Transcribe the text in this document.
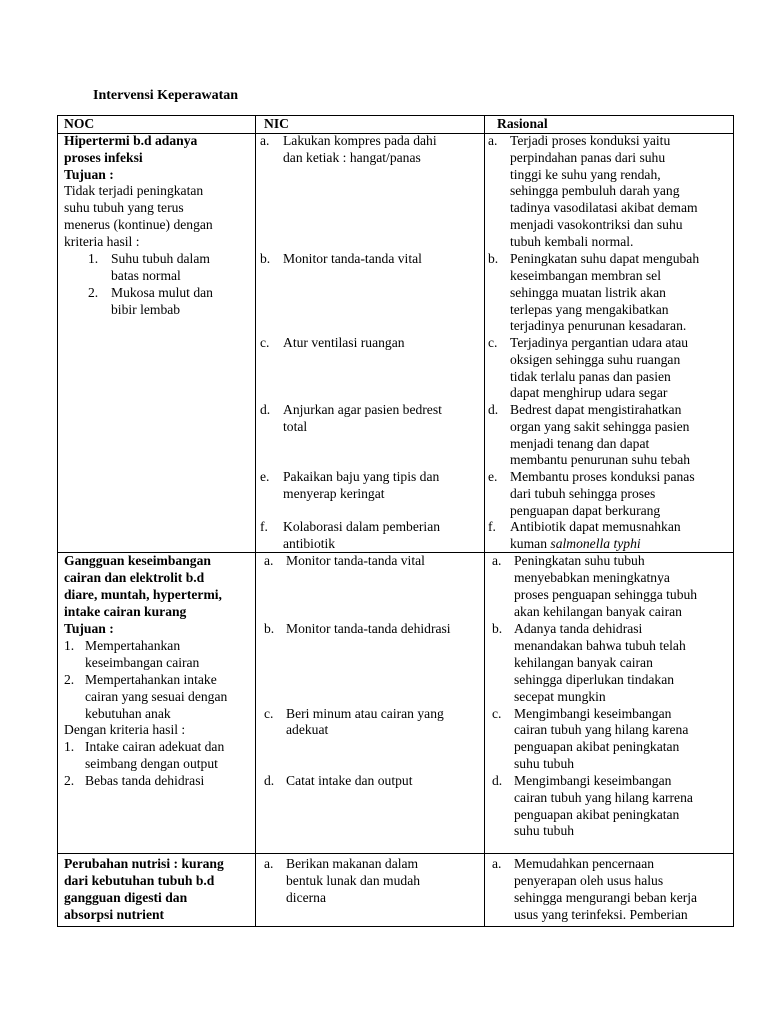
Intervensi Keperawatan
NOC	NIC	Rasional
Hipertermi b.d adanya
proses infeksi
Tujuan :
Tidak terjadi peningkatan
suhu tubuh yang terus
menerus (kontinue) dengan
kriteria hasil :
1. Suhu tubuh dalam
batas normal
2. Mukosa mulut dan
bibir lembab
a. Lakukan kompres pada dahi
dan ketiak : hangat/panas
b. Monitor tanda-tanda vital
c. Atur ventilasi ruangan
d. Anjurkan agar pasien bedrest
total
e. Pakaikan baju yang tipis dan
menyerap keringat
f. Kolaborasi dalam pemberian
antibiotik
a. Terjadi proses konduksi yaitu
perpindahan panas dari suhu
tinggi ke suhu yang rendah,
sehingga pembuluh darah yang
tadinya vasodilatasi akibat demam
menjadi vasokontriksi dan suhu
tubuh kembali normal.
b. Peningkatan suhu dapat mengubah
keseimbangan membran sel
sehingga muatan listrik akan
terlepas yang mengakibatkan
terjadinya penurunan kesadaran.
c. Terjadinya pergantian udara atau
oksigen sehingga suhu ruangan
tidak terlalu panas dan pasien
dapat menghirup udara segar
d. Bedrest dapat mengistirahatkan
organ yang sakit sehingga pasien
menjadi tenang dan dapat
membantu penurunan suhu tebah
e. Membantu proses konduksi panas
dari tubuh sehingga proses
penguapan dapat berkurang
f. Antibiotik dapat memusnahkan
kuman salmonella typhi
Gangguan keseimbangan
cairan dan elektrolit b.d
diare, muntah, hypertermi,
intake cairan kurang
Tujuan :
1. Mempertahankan
keseimbangan cairan
2. Mempertahankan intake
cairan yang sesuai dengan
kebutuhan anak
Dengan kriteria hasil :
1. Intake cairan adekuat dan
seimbang dengan output
2. Bebas tanda dehidrasi
a. Monitor tanda-tanda vital
b. Monitor tanda-tanda dehidrasi
c. Beri minum atau cairan yang
adekuat
d. Catat intake dan output
a. Peningkatan suhu tubuh
menyebabkan meningkatnya
proses penguapan sehingga tubuh
akan kehilangan banyak cairan
b. Adanya tanda dehidrasi
menandakan bahwa tubuh telah
kehilangan banyak cairan
sehingga diperlukan tindakan
secepat mungkin
c. Mengimbangi keseimbangan
cairan tubuh yang hilang karena
penguapan akibat peningkatan
suhu tubuh
d. Mengimbangi keseimbangan
cairan tubuh yang hilang karrena
penguapan akibat peningkatan
suhu tubuh
Perubahan nutrisi : kurang
dari kebutuhan tubuh b.d
gangguan digesti dan
absorpsi nutrient
a. Berikan makanan dalam
bentuk lunak dan mudah
dicerna
a. Memudahkan pencernaan
penyerapan oleh usus halus
sehingga mengurangi beban kerja
usus yang terinfeksi. Pemberian
